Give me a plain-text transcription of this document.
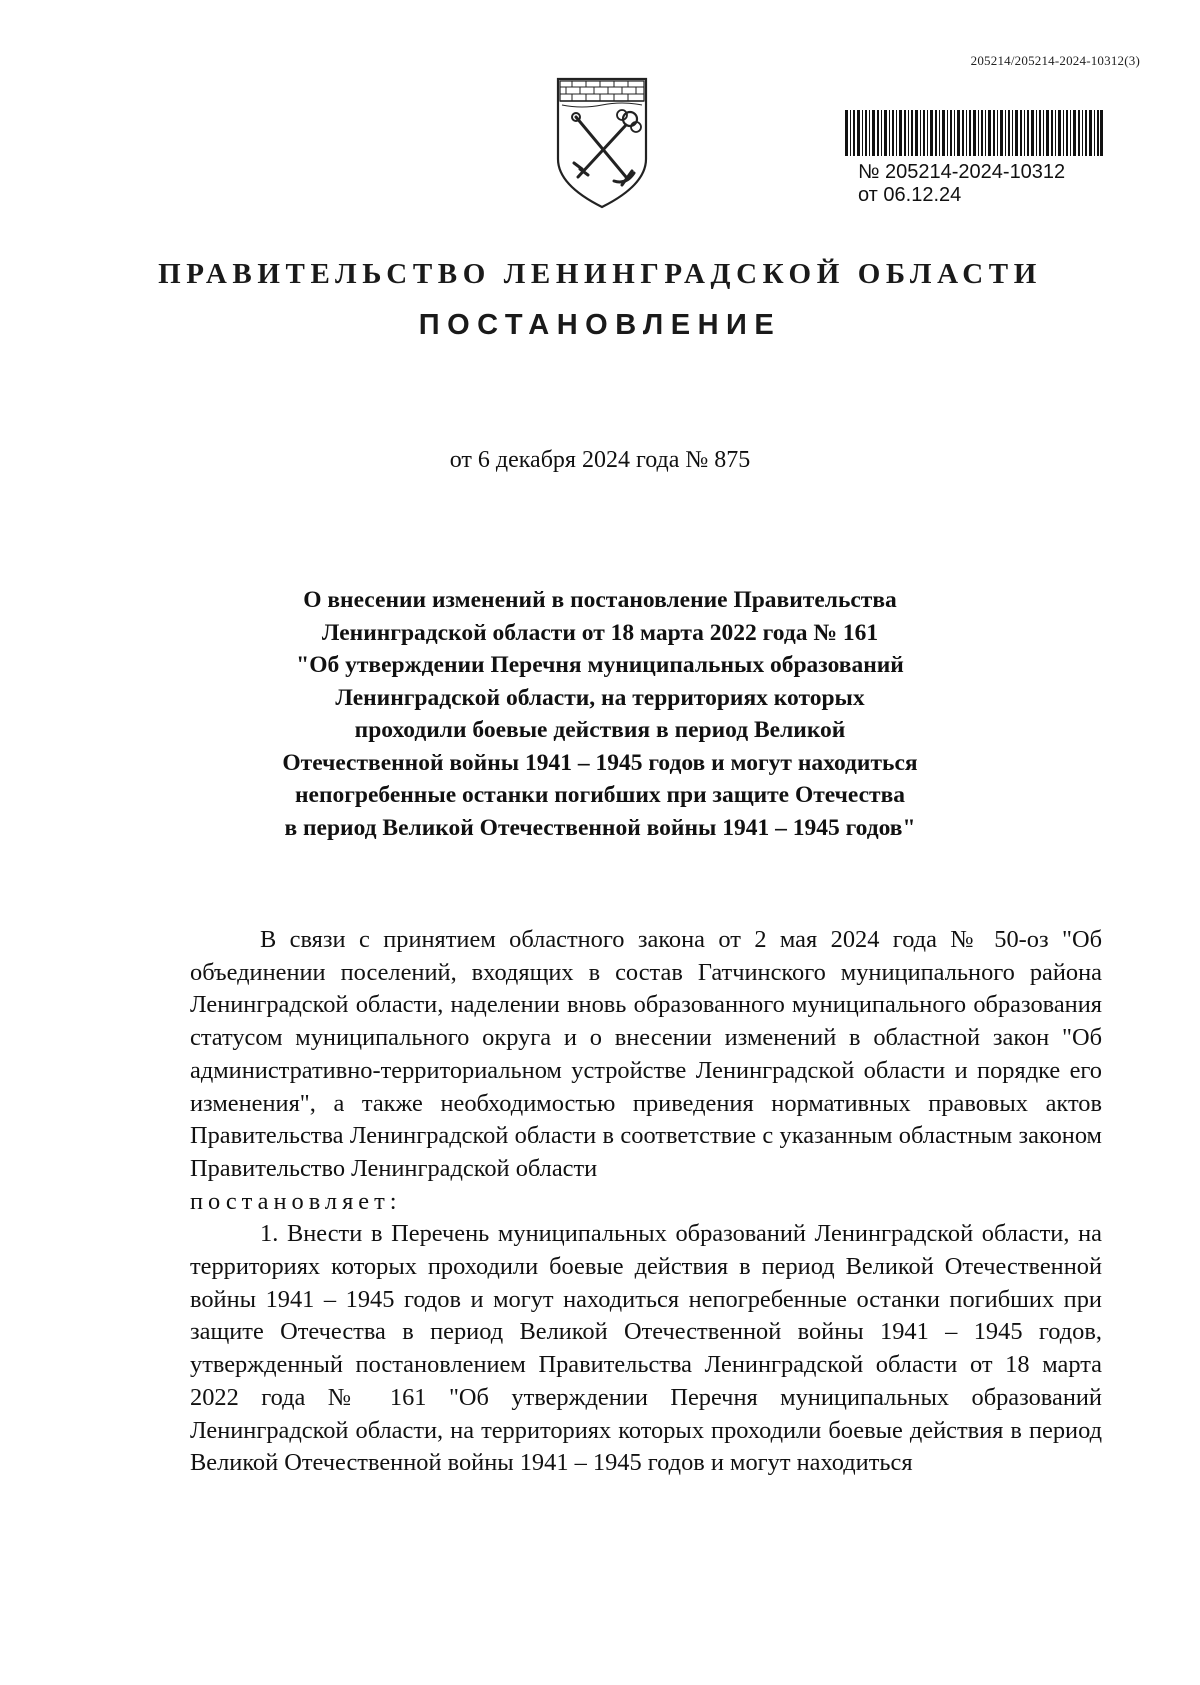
205214/205214-2024-10312(3)
№ 205214-2024-10312
от 06.12.24
ПРАВИТЕЛЬСТВО ЛЕНИНГРАДСКОЙ ОБЛАСТИ
ПОСТАНОВЛЕНИЕ
от 6 декабря 2024 года № 875
О внесении изменений в постановление Правительства
Ленинградской области от 18 марта 2022 года № 161
"Об утверждении Перечня муниципальных образований
Ленинградской области, на территориях которых
проходили боевые действия в период Великой
Отечественной войны 1941 – 1945 годов и могут находиться
непогребенные останки погибших при защите Отечества
в период Великой Отечественной войны 1941 – 1945 годов"

В связи с принятием областного закона от 2 мая 2024 года № 50-оз "Об объединении поселений, входящих в состав Гатчинского муниципального района Ленинградской области, наделении вновь образованного муниципального образования статусом муниципального округа и о внесении изменений в областной закон "Об административно-территориальном устройстве Ленинградской области и порядке его изменения", а также необходимостью приведения нормативных правовых актов Правительства Ленинградской области в соответствие с указанным областным законом Правительство Ленинградской области

постановляет:

1. Внести в Перечень муниципальных образований Ленинградской области, на территориях которых проходили боевые действия в период Великой Отечественной войны 1941 – 1945 годов и могут находиться непогребенные останки погибших при защите Отечества в период Великой Отечественной войны 1941 – 1945 годов, утвержденный постановлением Правительства Ленинградской области от 18 марта 2022 года № 161 "Об утверждении Перечня муниципальных образований Ленинградской области, на территориях которых проходили боевые действия в период Великой Отечественной войны 1941 – 1945 годов и могут находиться
